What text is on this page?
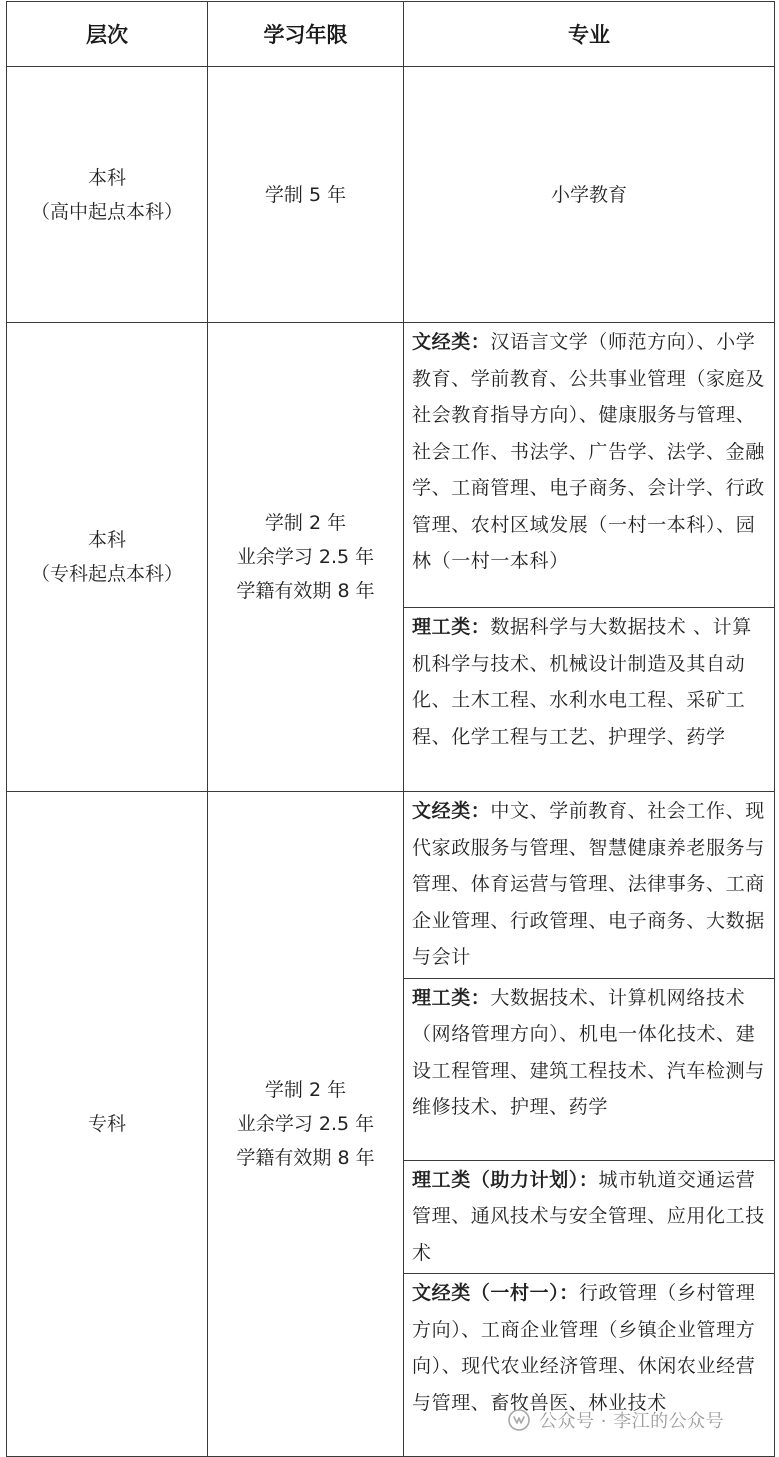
层次	学习年限	专业

本科
（高中起点本科）	学制 5 年	小学教育

本科
（专科起点本科）	学制 2 年
业余学习 2.5 年
学籍有效期 8 年	文经类：汉语言文学（师范方向）、小学教育、学前教育、公共事业管理（家庭及社会教育指导方向）、健康服务与管理、社会工作、书法学、广告学、法学、金融学、工商管理、电子商务、会计学、行政管理、农村区域发展（一村一本科）、园林（一村一本科）
		理工类：数据科学与大数据技术 、计算机科学与技术、机械设计制造及其自动化、土木工程、水利水电工程、采矿工程、化学工程与工艺、护理学、药学

专科	学制 2 年
业余学习 2.5 年
学籍有效期 8 年	文经类：中文、学前教育、社会工作、现代家政服务与管理、智慧健康养老服务与管理、体育运营与管理、法律事务、工商企业管理、行政管理、电子商务、大数据与会计
		理工类：大数据技术、计算机网络技术（网络管理方向）、机电一体化技术、建设工程管理、建筑工程技术、汽车检测与维修技术、护理、药学
		理工类（助力计划）：城市轨道交通运营管理、通风技术与安全管理、应用化工技术
		文经类（一村一）：行政管理（乡村管理方向）、工商企业管理（乡镇企业管理方向）、现代农业经济管理、休闲农业经营与管理、畜牧兽医、林业技术
公众号 · 李江的公众号
